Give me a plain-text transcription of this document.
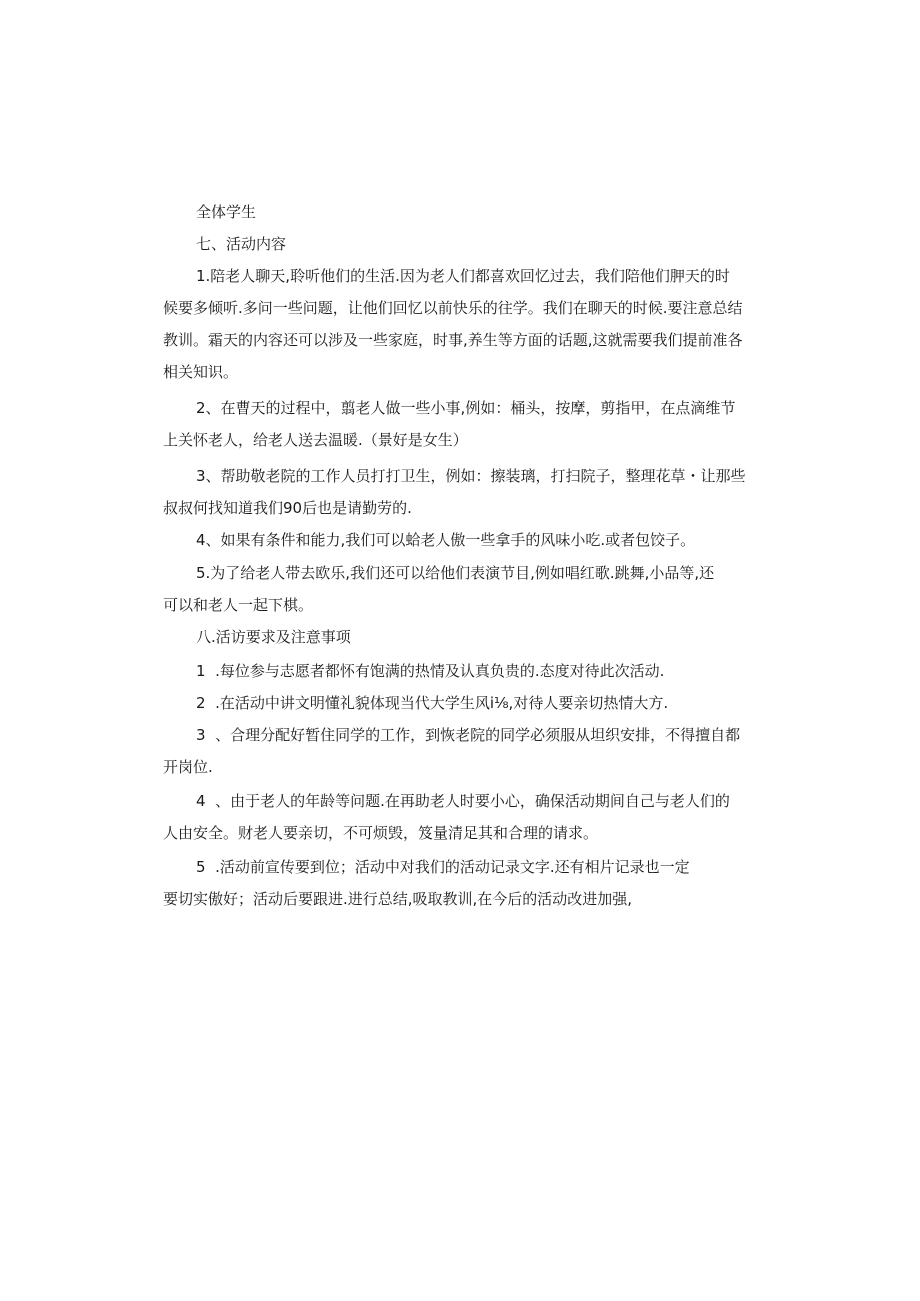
全体学生
七、活动内容
1.陪老人聊天,聆听他们的生活.因为老人们都喜欢回忆过去，我们陪他们胛天的时
候要多倾听.多问一些问题，让他们回忆以前快乐的往学。我们在聊天的时候.要注意总结
教训。霜天的内容还可以涉及一些家庭，时事,养生等方面的话题,这就需要我们提前准各
相关知识。
2、在曹天的过程中，翦老人做一些小事,例如：桶头，按摩，剪指甲，在点滴维节
上关怀老人，给老人送去温暖.（景好是女生）
3、帮助敬老院的工作人员打打卫生，例如：擦装璃，打扫院子，整理花草・让那些
叔叔何找知道我们90后也是请勤劳的.
4、如果有条件和能力,我们可以蛤老人傲一些拿手的风味小吃.或者包饺子。
5.为了给老人带去欧乐,我们还可以给他们表演节目,例如唱红歌.跳舞,小品等,还
可以和老人一起下棋。
八.活访要求及注意事项
1  .每位参与志愿者都怀有饱满的热情及认真负贵的.态度对待此次活动.
2  .在活动中讲文明懂礼貌体现当代大学生风i⅛,对待人要亲切热情大方.
3  、合理分配好暂住同学的工作，到恢老院的同学必须服从坦织安排，不得擅自都
开岗位.
4  、由于老人的年龄等问题.在再助老人时要小心，确保活动期间自己与老人们的
人由安全。财老人要亲切，不可烦毁，笈量清足其和合理的请求。
5  .活动前宣传要到位；活动中对我们的活动记录文字.还有相片记录也一定
要切实傲好；活动后要跟进.进行总结,吸取教训,在今后的活动改进加强,
